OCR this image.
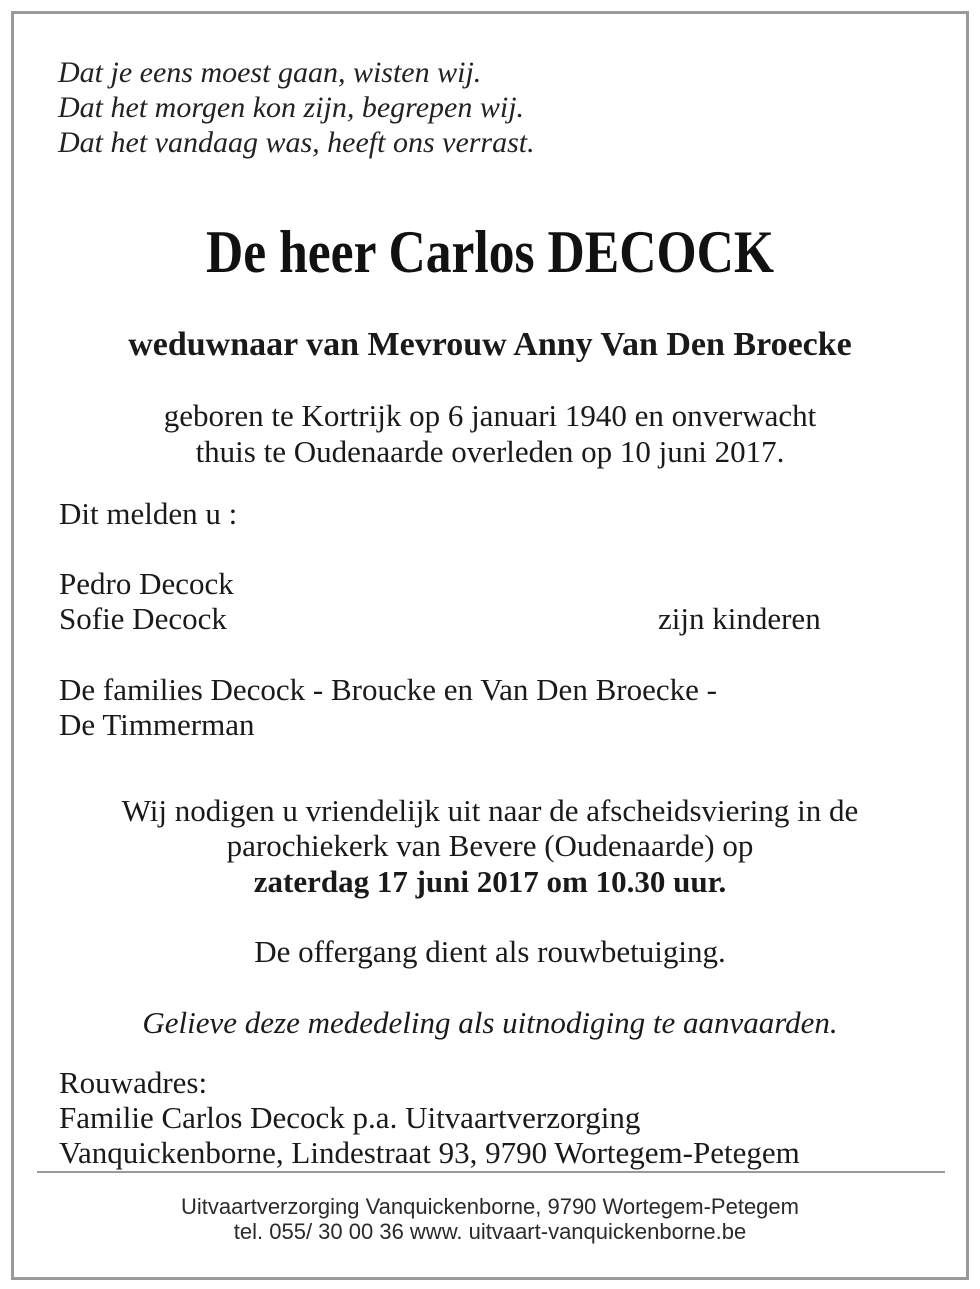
Dat je eens moest gaan, wisten wij.
Dat het morgen kon zijn, begrepen wij.
Dat het vandaag was, heeft ons verrast.
De heer Carlos DECOCK
weduwnaar van Mevrouw Anny Van Den Broecke
geboren te Kortrijk op 6 januari 1940 en onverwacht
thuis te Oudenaarde overleden op 10 juni 2017.
Dit melden u :
Pedro Decock
Sofie Decock	zijn kinderen
De families Decock - Broucke en Van Den Broecke -
De Timmerman
Wij nodigen u vriendelijk uit naar de afscheidsviering in de
parochiekerk van Bevere (Oudenaarde) op
zaterdag 17 juni 2017 om 10.30 uur.
De offergang dient als rouwbetuiging.
Gelieve deze mededeling als uitnodiging te aanvaarden.
Rouwadres:
Familie Carlos Decock p.a. Uitvaartverzorging
Vanquickenborne, Lindestraat 93, 9790 Wortegem-Petegem
Uitvaartverzorging Vanquickenborne, 9790 Wortegem-Petegem
tel. 055/ 30 00 36 www. uitvaart-vanquickenborne.be
